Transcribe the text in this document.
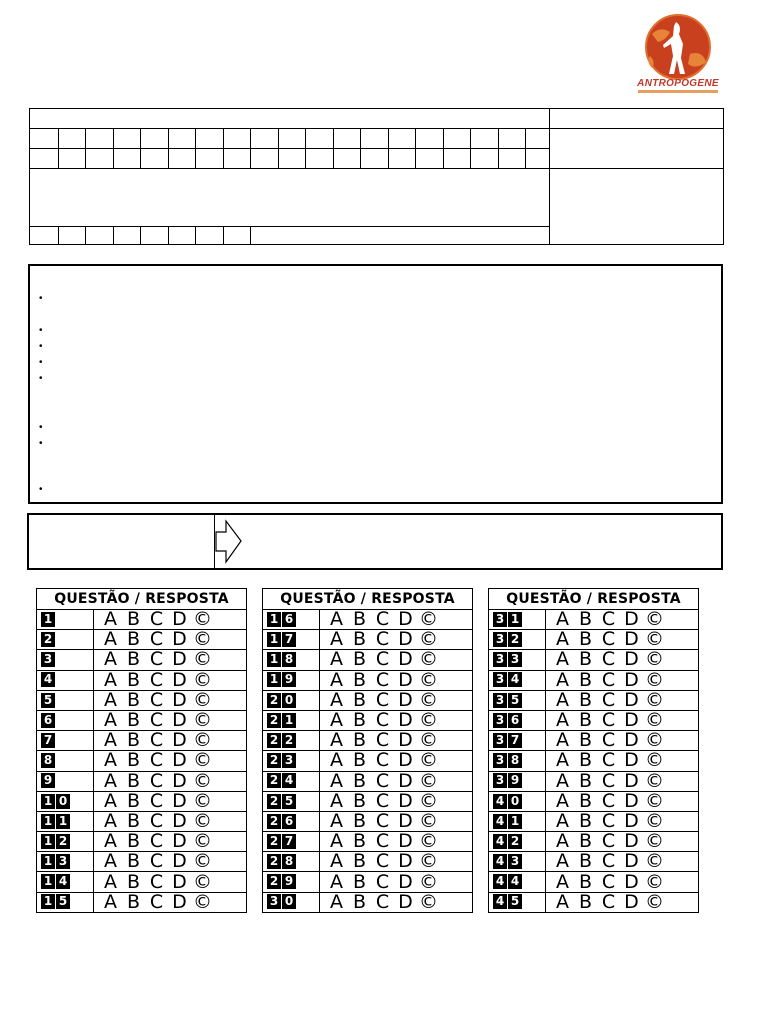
ANTROPOGENE
•
•
•
•
•
•
•
•
QUESTÃO / RESPOSTA	
1	A B C D ©
2	A B C D ©
3	A B C D ©
4	A B C D ©
5	A B C D ©
6	A B C D ©
7	A B C D ©
8	A B C D ©
9	A B C D ©
1 0	A B C D ©
1 1	A B C D ©
1 2	A B C D ©
1 3	A B C D ©
1 4	A B C D ©
1 5	A B C D ©
QUESTÃO / RESPOSTA	
1 6	A B C D ©
1 7	A B C D ©
1 8	A B C D ©
1 9	A B C D ©
2 0	A B C D ©
2 1	A B C D ©
2 2	A B C D ©
2 3	A B C D ©
2 4	A B C D ©
2 5	A B C D ©
2 6	A B C D ©
2 7	A B C D ©
2 8	A B C D ©
2 9	A B C D ©
3 0	A B C D ©
QUESTÃO / RESPOSTA	
3 1	A B C D ©
3 2	A B C D ©
3 3	A B C D ©
3 4	A B C D ©
3 5	A B C D ©
3 6	A B C D ©
3 7	A B C D ©
3 8	A B C D ©
3 9	A B C D ©
4 0	A B C D ©
4 1	A B C D ©
4 2	A B C D ©
4 3	A B C D ©
4 4	A B C D ©
4 5	A B C D ©
